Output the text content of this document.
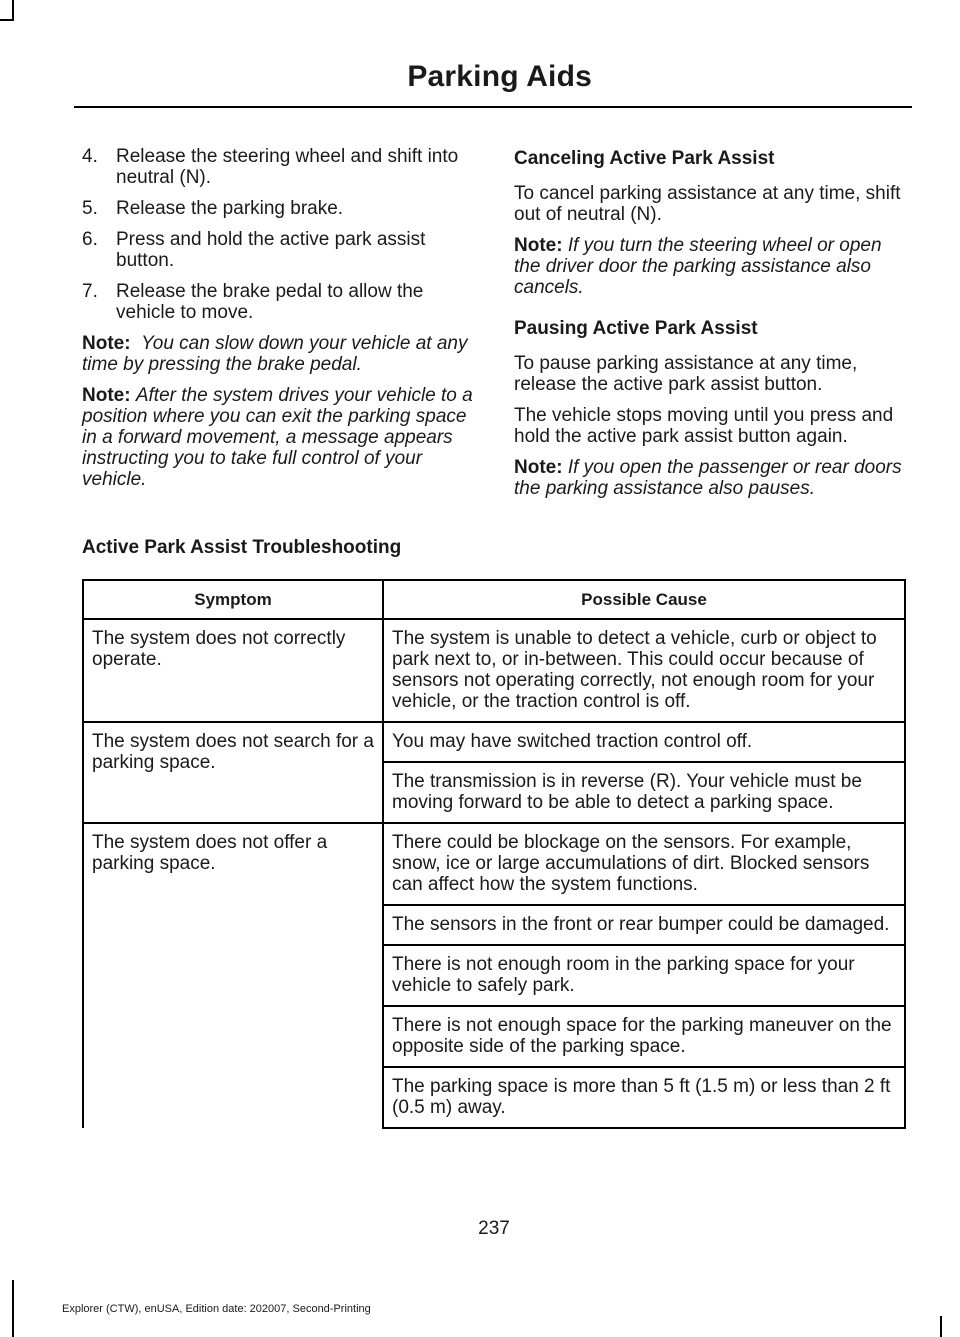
Parking Aids
4. Release the steering wheel and shift into neutral (N).
5. Release the parking brake.
6. Press and hold the active park assist button.
7. Release the brake pedal to allow the vehicle to move.

Note: You can slow down your vehicle at any time by pressing the brake pedal.

Note: After the system drives your vehicle to a position where you can exit the parking space in a forward movement, a message appears instructing you to take full control of your vehicle.

Canceling Active Park Assist

To cancel parking assistance at any time, shift out of neutral (N).

Note: If you turn the steering wheel or open the driver door the parking assistance also cancels.

Pausing Active Park Assist

To pause parking assistance at any time, release the active park assist button.

The vehicle stops moving until you press and hold the active park assist button again.

Note: If you open the passenger or rear doors the parking assistance also pauses.

Active Park Assist Troubleshooting
Symptom	Possible Cause
The system does not correctly operate.	The system is unable to detect a vehicle, curb or object to park next to, or in-between. This could occur because of sensors not operating correctly, not enough room for your vehicle, or the traction control is off.
The system does not search for a parking space.	You may have switched traction control off.
	The transmission is in reverse (R). Your vehicle must be moving forward to be able to detect a parking space.
The system does not offer a parking space.	There could be blockage on the sensors. For example, snow, ice or large accumulations of dirt. Blocked sensors can affect how the system functions.
	The sensors in the front or rear bumper could be damaged.
	There is not enough room in the parking space for your vehicle to safely park.
	There is not enough space for the parking maneuver on the opposite side of the parking space.
	The parking space is more than 5 ft (1.5 m) or less than 2 ft (0.5 m) away.
237
Explorer (CTW), enUSA, Edition date: 202007, Second-Printing
